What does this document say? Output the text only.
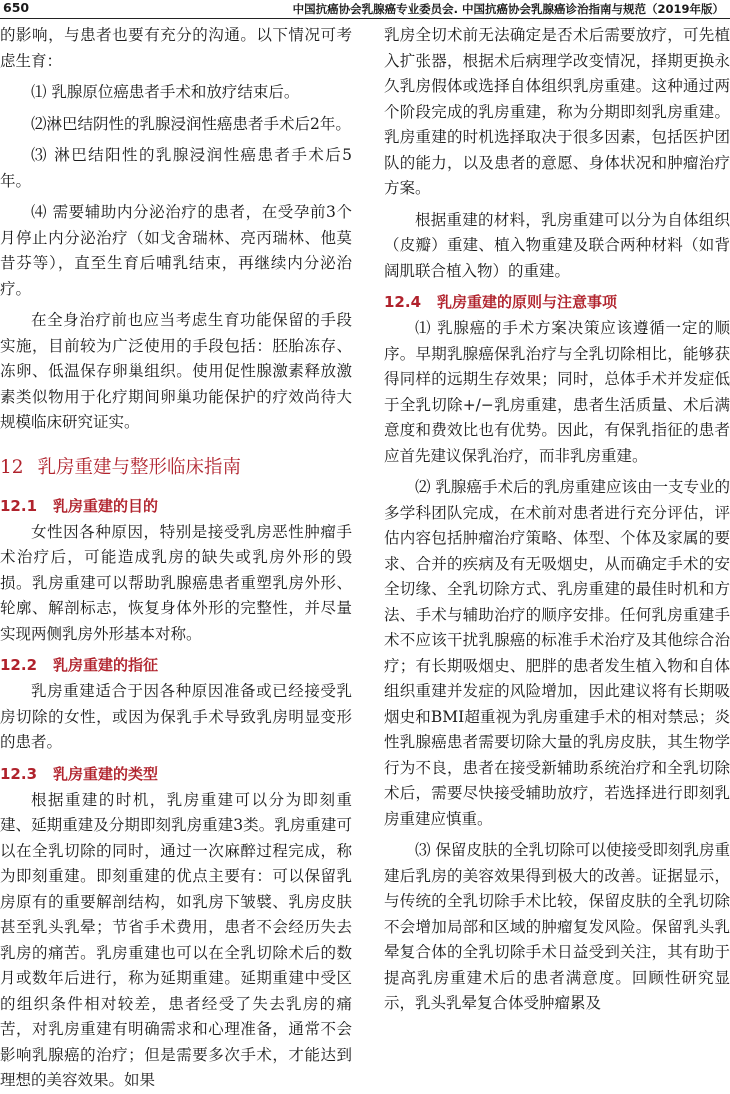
650	中国抗癌协会乳腺癌专业委员会. 中国抗癌协会乳腺癌诊治指南与规范（2019年版）

的影响，与患者也要有充分的沟通。以下情况可考虑生育：

⑴ 乳腺原位癌患者手术和放疗结束后。

⑵淋巴结阴性的乳腺浸润性癌患者手术后2年。

⑶ 淋巴结阳性的乳腺浸润性癌患者手术后5年。

⑷ 需要辅助内分泌治疗的患者，在受孕前3个月停止内分泌治疗（如戈舍瑞林、亮丙瑞林、他莫昔芬等），直至生育后哺乳结束，再继续内分泌治疗。

在全身治疗前也应当考虑生育功能保留的手段实施，目前较为广泛使用的手段包括：胚胎冻存、冻卵、低温保存卵巢组织。使用促性腺激素释放激素类似物用于化疗期间卵巢功能保护的疗效尚待大规模临床研究证实。

12 乳房重建与整形临床指南
12.1 乳房重建的目的

女性因各种原因，特别是接受乳房恶性肿瘤手术治疗后，可能造成乳房的缺失或乳房外形的毁损。乳房重建可以帮助乳腺癌患者重塑乳房外形、轮廓、解剖标志，恢复身体外形的完整性，并尽量实现两侧乳房外形基本对称。

12.2 乳房重建的指征

乳房重建适合于因各种原因准备或已经接受乳房切除的女性，或因为保乳手术导致乳房明显变形的患者。

12.3 乳房重建的类型

根据重建的时机，乳房重建可以分为即刻重建、延期重建及分期即刻乳房重建3类。乳房重建可以在全乳切除的同时，通过一次麻醉过程完成，称为即刻重建。即刻重建的优点主要有：可以保留乳房原有的重要解剖结构，如乳房下皱襞、乳房皮肤甚至乳头乳晕；节省手术费用，患者不会经历失去乳房的痛苦。乳房重建也可以在全乳切除术后的数月或数年后进行，称为延期重建。延期重建中受区的组织条件相对较差，患者经受了失去乳房的痛苦，对乳房重建有明确需求和心理准备，通常不会影响乳腺癌的治疗；但是需要多次手术，才能达到理想的美容效果。如果

乳房全切术前无法确定是否术后需要放疗，可先植入扩张器，根据术后病理学改变情况，择期更换永久乳房假体或选择自体组织乳房重建。这种通过两个阶段完成的乳房重建，称为分期即刻乳房重建。乳房重建的时机选择取决于很多因素，包括医护团队的能力，以及患者的意愿、身体状况和肿瘤治疗方案。

根据重建的材料，乳房重建可以分为自体组织（皮瓣）重建、植入物重建及联合两种材料（如背阔肌联合植入物）的重建。

12.4 乳房重建的原则与注意事项

⑴ 乳腺癌的手术方案决策应该遵循一定的顺序。早期乳腺癌保乳治疗与全乳切除相比，能够获得同样的远期生存效果；同时，总体手术并发症低于全乳切除+/−乳房重建，患者生活质量、术后满意度和费效比也有优势。因此，有保乳指征的患者应首先建议保乳治疗，而非乳房重建。

⑵ 乳腺癌手术后的乳房重建应该由一支专业的多学科团队完成，在术前对患者进行充分评估，评估内容包括肿瘤治疗策略、体型、个体及家属的要求、合并的疾病及有无吸烟史，从而确定手术的安全切缘、全乳切除方式、乳房重建的最佳时机和方法、手术与辅助治疗的顺序安排。任何乳房重建手术不应该干扰乳腺癌的标准手术治疗及其他综合治疗；有长期吸烟史、肥胖的患者发生植入物和自体组织重建并发症的风险增加，因此建议将有长期吸烟史和BMI超重视为乳房重建手术的相对禁忌；炎性乳腺癌患者需要切除大量的乳房皮肤，其生物学行为不良，患者在接受新辅助系统治疗和全乳切除术后，需要尽快接受辅助放疗，若选择进行即刻乳房重建应慎重。

⑶ 保留皮肤的全乳切除可以使接受即刻乳房重建后乳房的美容效果得到极大的改善。证据显示，与传统的全乳切除手术比较，保留皮肤的全乳切除不会增加局部和区域的肿瘤复发风险。保留乳头乳晕复合体的全乳切除手术日益受到关注，其有助于提高乳房重建术后的患者满意度。回顾性研究显示，乳头乳晕复合体受肿瘤累及
